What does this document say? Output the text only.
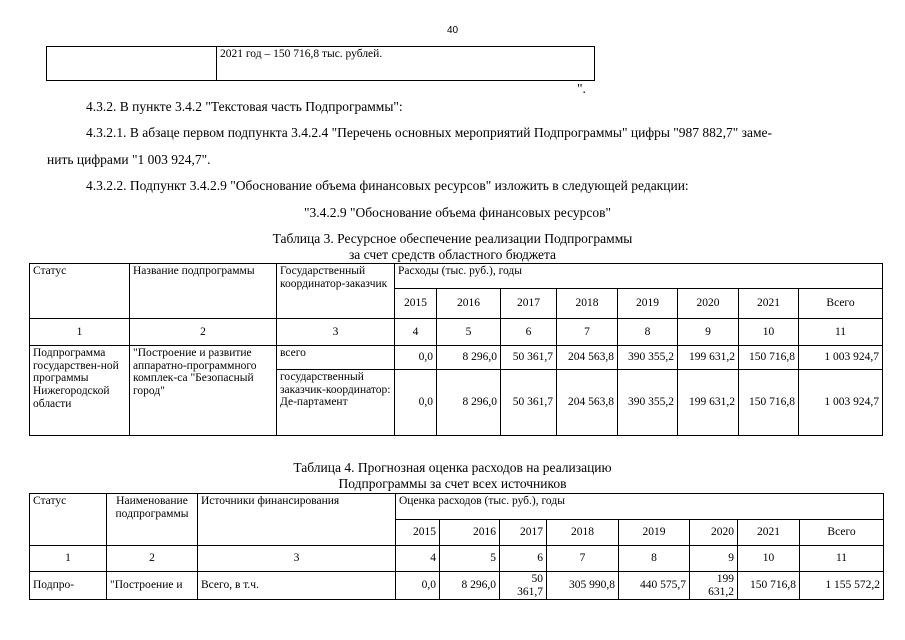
40
	2021 год – 150 716,8 тыс. рублей.
".
4.3.2. В пункте 3.4.2 "Текстовая часть Подпрограммы":
4.3.2.1. В абзаце первом подпункта 3.4.2.4 "Перечень основных мероприятий Подпрограммы" цифры "987 882,7" заме-
нить цифрами "1 003 924,7".
4.3.2.2. Подпункт 3.4.2.9 "Обоснование объема финансовых ресурсов" изложить в следующей редакции:
"3.4.2.9 "Обоснование объема финансовых ресурсов"
Таблица 3. Ресурсное обеспечение реализации Подпрограммы
за счет средств областного бюджета
Статус	Название подпрограммы	Государственный координатор-заказчик	Расходы (тыс. руб.), годы							
			2015	2016	2017	2018	2019	2020	2021	Всего
1	2	3	4	5	6	7	8	9	10	11
Подпрограмма государствен-ной программы Нижегородской области	"Построение и развитие аппаратно-программного комплек-са "Безопасный город"	всего	0,0	8 296,0	50 361,7	204 563,8	390 355,2	199 631,2	150 716,8	1 003 924,7
		государственный заказчик-координатор: Де-партамент	0,0	8 296,0	50 361,7	204 563,8	390 355,2	199 631,2	150 716,8	1 003 924,7
Таблица 4. Прогнозная оценка расходов на реализацию
Подпрограммы за счет всех источников
Статус	Наименование подпрограммы	Источники финансирования	Оценка расходов (тыс. руб.), годы							
			2015	2016	2017	2018	2019	2020	2021	Всего
1	2	3	4	5	6	7	8	9	10	11
Подпро-	"Построение и	Всего, в т.ч.	0,0	8 296,0	50 361,7	305 990,8	440 575,7	199 631,2	150 716,8	1 155 572,2
